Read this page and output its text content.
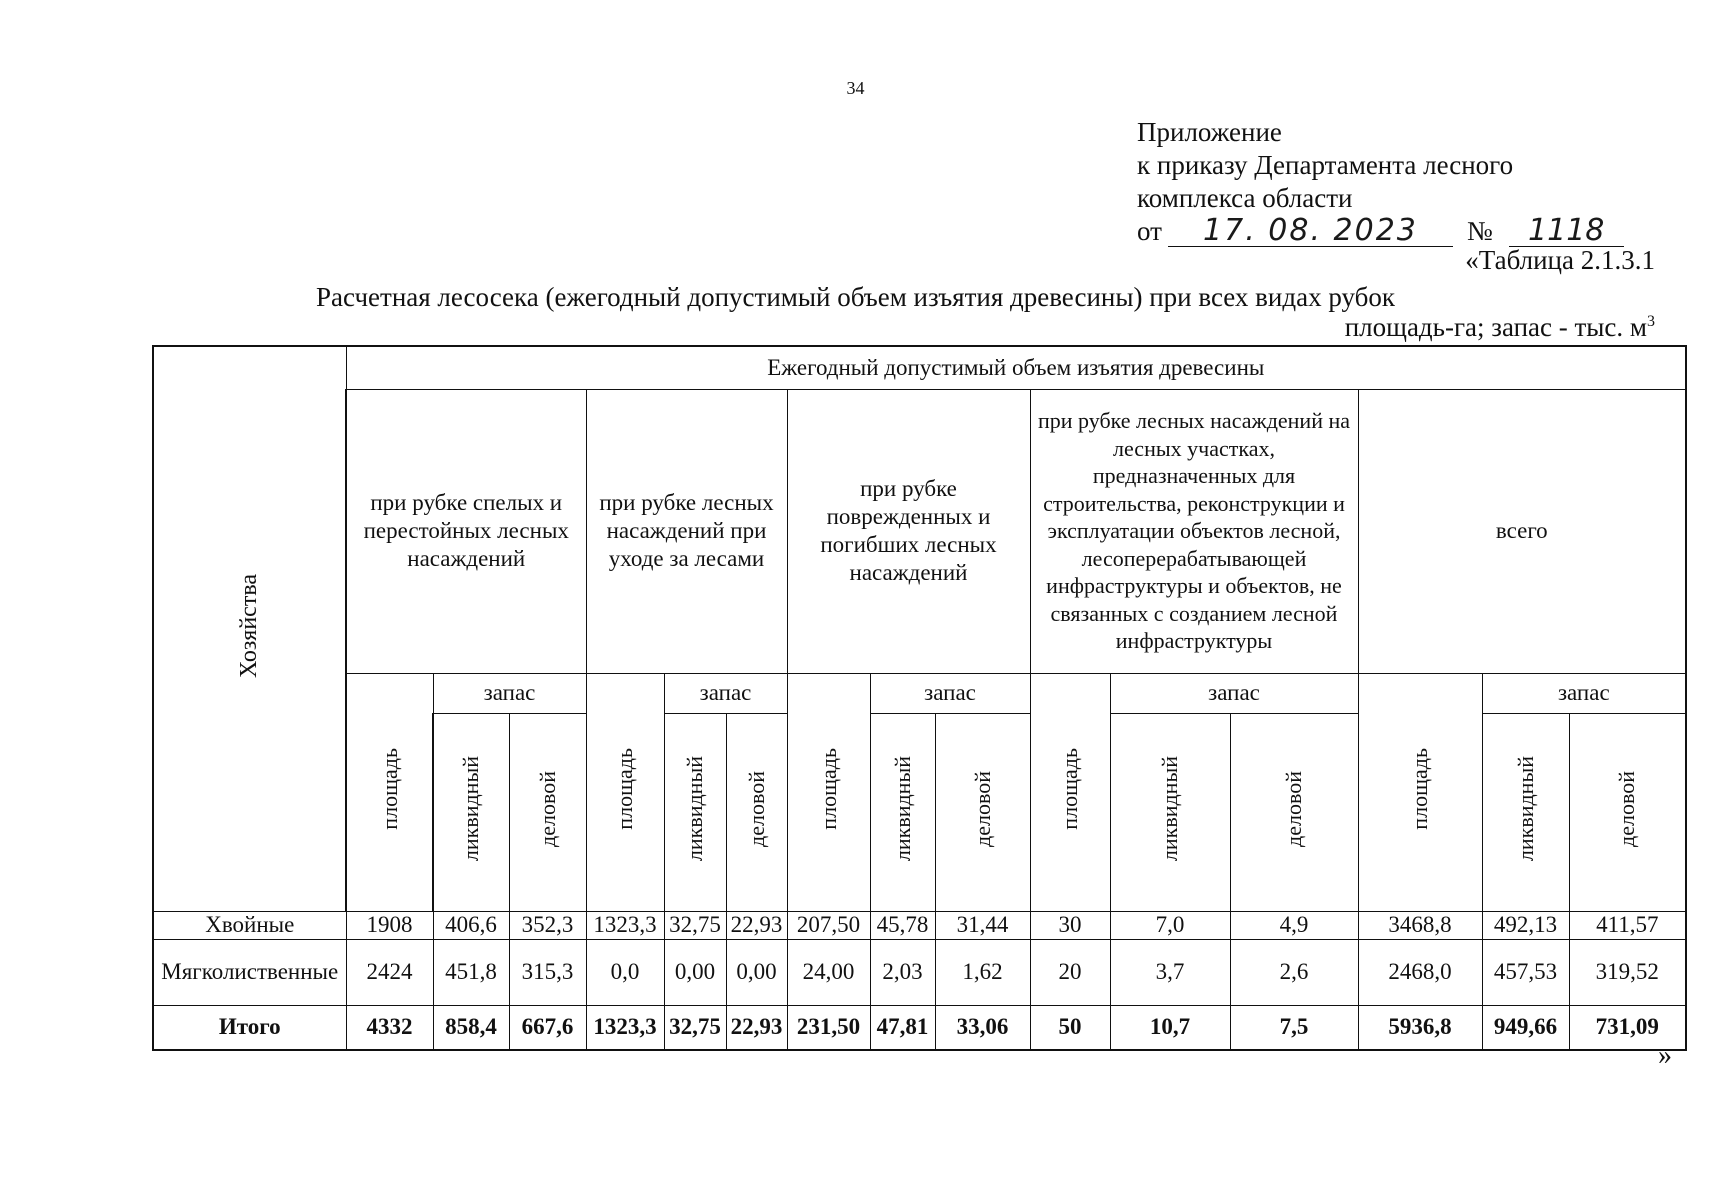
34
Приложение
к приказу Департамента лесного
комплекса области
от 17. 08. 2023 № 1118
«Таблица 2.1.3.1
Расчетная лесосека (ежегодный допустимый объем изъятия древесины) при всех видах рубок
площадь-га; запас - тыс. $м^3$
Хозяйства	Ежегодный допустимый объем изъятия древесины														
	при рубке спелых и перестойных лесных насаждений			при рубке лесных насаждений при уходе за лесами			при рубке поврежденных и погибших лесных насаждений			при рубке лесных насаждений на лесных участках, предназначенных для строительства, реконструкции и эксплуатации объектов лесной, лесоперерабатывающей инфраструктуры и объектов, не связанных с созданием лесной инфраструктуры			всего		
	площадь	запас		площадь	запас		площадь	запас		площадь	запас		площадь	запас	
		ликвидный	деловой		ликвидный	деловой		ликвидный	деловой		ликвидный	деловой		ликвидный	деловой
Хвойные	1908	406,6	352,3	1323,3	32,75	22,93	207,50	45,78	31,44	30	7,0	4,9	3468,8	492,13	411,57
Мягколиственные	2424	451,8	315,3	0,0	0,00	0,00	24,00	2,03	1,62	20	3,7	2,6	2468,0	457,53	319,52
Итого	4332	858,4	667,6	1323,3	32,75	22,93	231,50	47,81	33,06	50	10,7	7,5	5936,8	949,66	731,09
»
